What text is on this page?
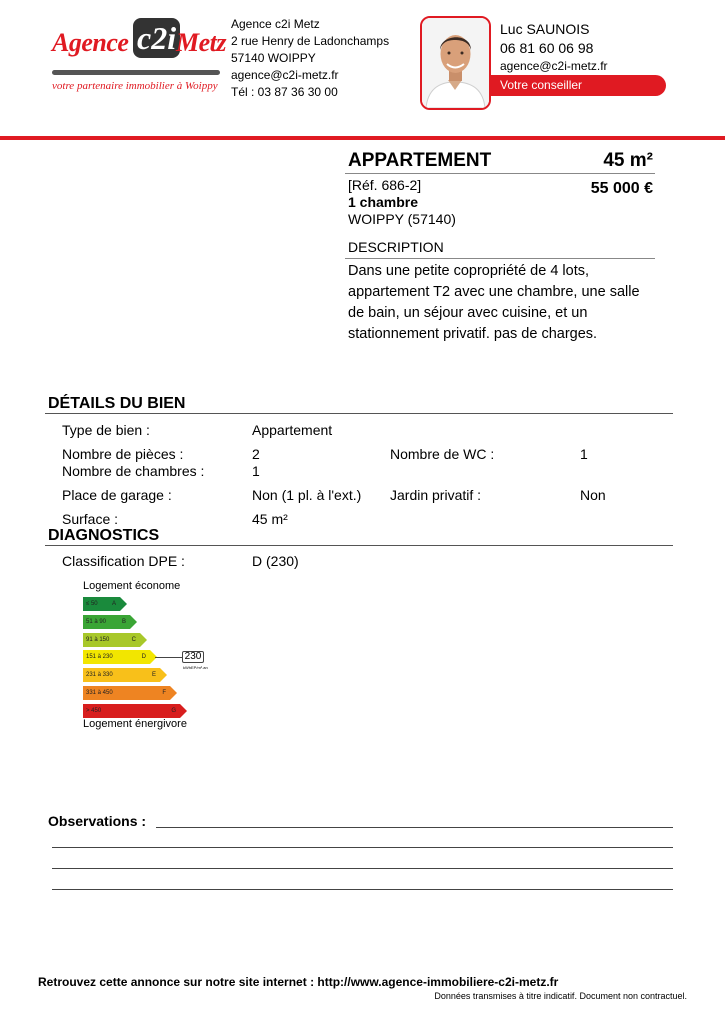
Agence c2i Metz
votre partenaire immobilier à Woippy
Agence c2i Metz
2 rue Henry de Ladonchamps
57140 WOIPPY
agence@c2i-metz.fr
Tél : 03 87 36 30 00	Votre conseiller
Luc SAUNOIS
06 81 60 06 98
agence@c2i-metz.fr
APPARTEMENT	45 m²
[Réf. 686-2]
1 chambre
WOIPPY (57140)
55 000 €
DESCRIPTION
Dans une petite copropriété de 4 lots, appartement T2 avec une chambre, une salle de bain, un séjour avec cuisine, et un stationnement privatif. pas de charges.
DÉTAILS DU BIEN
Type de bien :	Appartement
Nombre de pièces :	2	Nombre de WC :	1
Nombre de chambres :	1
Place de garage :	Non (1 pl. à l'ext.) Jardin privatif :	Non
Surface :	45 m²
DIAGNOSTICS
Classification DPE :	D (230)
Logement économe
≤ 50 A
51 à 90	B
91 à 150	C
151 à 230	D
231 à 330	E
331 à 450	F
> 450	G
230
kWhEP/m².an
Logement énergivore
Observations :
Retrouvez cette annonce sur notre site internet : http://www.agence-immobiliere-c2i-metz.fr
Données transmises à titre indicatif. Document non contractuel.
